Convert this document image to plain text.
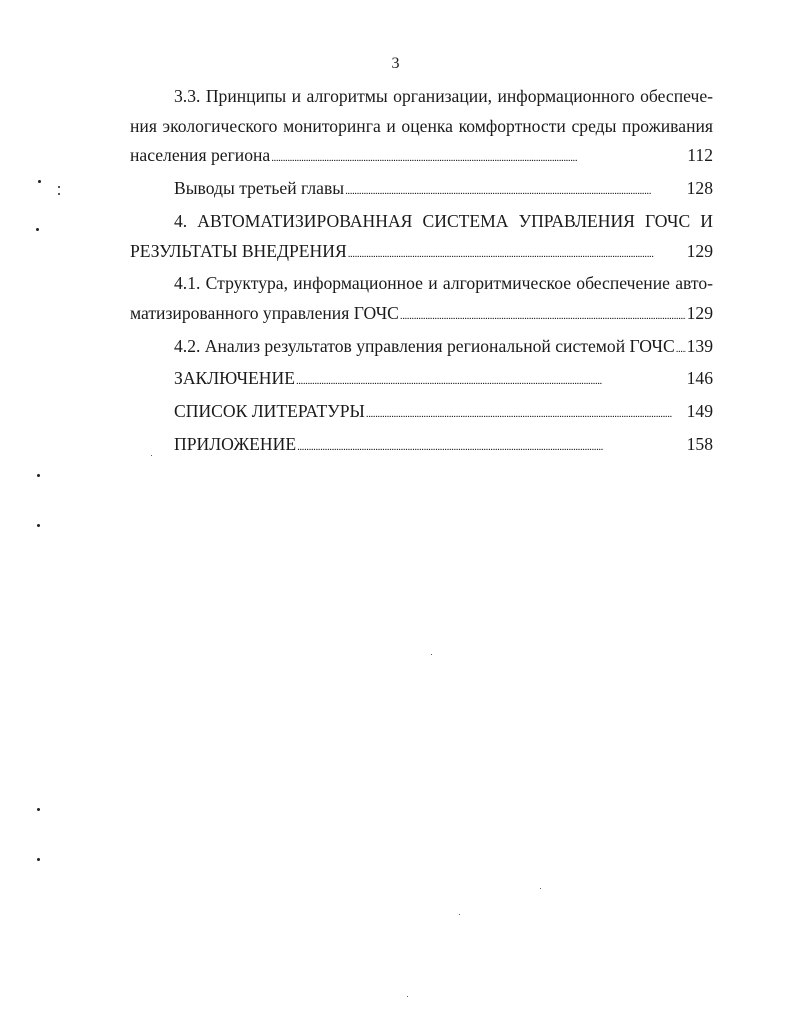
3
3.3. Принципы и алгоритмы организации, информационного обеспече-
ния экологического мониторинга и оценка комфортности среды проживания
населения региона . . .	112
Выводы третьей главы . . .	128
4. АВТОМАТИЗИРОВАННАЯ СИСТЕМА УПРАВЛЕНИЯ ГОЧС И
РЕЗУЛЬТАТЫ ВНЕДРЕНИЯ . . .	129
4.1. Структура, информационное и алгоритмическое обеспечение авто-
матизированного управления ГОЧС . . .	129
4.2. Анализ результатов управления региональной системой ГОЧС . . . 139
ЗАКЛЮЧЕНИЕ . . .	146
СПИСОК ЛИТЕРАТУРЫ . . .	149
ПРИЛОЖЕНИЕ . . .	158
